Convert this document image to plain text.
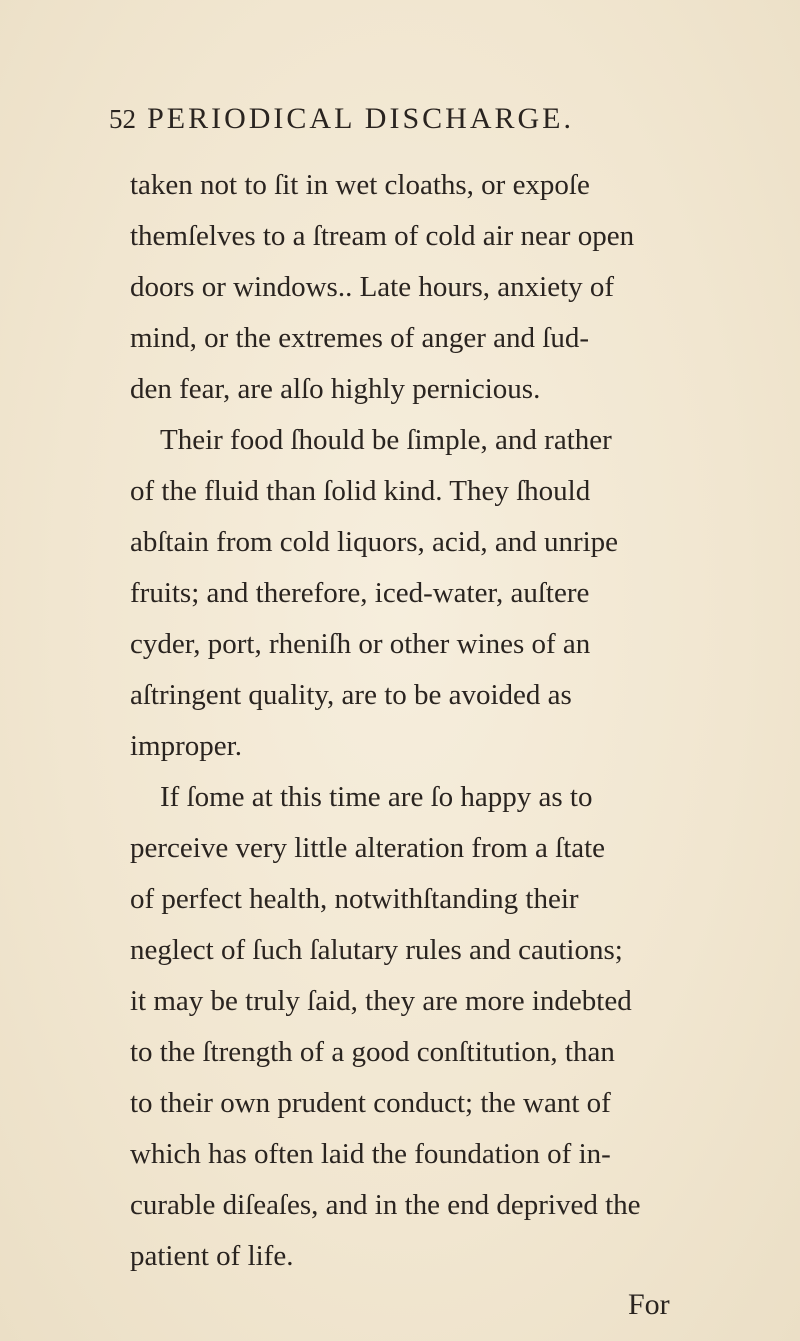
52 PERIODICAL DISCHARGE.
taken not to ſit in wet cloaths, or expoſe
themſelves to a ſtream of cold air near open
doors or windows.. Late hours, anxiety of
mind, or the extremes of anger and ſud-
den fear, are alſo highly pernicious.
Their food ſhould be ſimple, and rather
of the fluid than ſolid kind. They ſhould
abſtain from cold liquors, acid, and unripe
fruits; and therefore, iced-water, auſtere
cyder, port, rheniſh or other wines of an
aſtringent quality, are to be avoided as
improper.
If ſome at this time are ſo happy as to
perceive very little alteration from a ſtate
of perfect health, notwithſtanding their
neglect of ſuch ſalutary rules and cautions;
it may be truly ſaid, they are more indebted
to the ſtrength of a good conſtitution, than
to their own prudent conduct; the want of
which has often laid the foundation of in-
curable diſeaſes, and in the end deprived the
patient of life.
For
